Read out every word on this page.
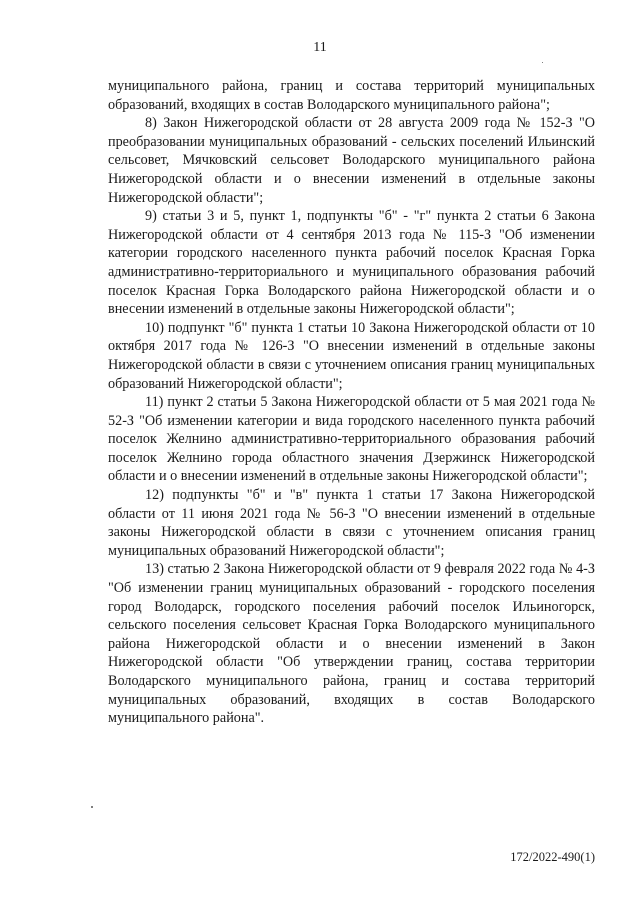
11

муниципального района, границ и состава территорий муниципальных образований, входящих в состав Володарского муниципального района";

8) Закон Нижегородской области от 28 августа 2009 года № 152-З "О преобразовании муниципальных образований - сельских поселений Ильинский сельсовет, Мячковский сельсовет Володарского муниципального района Нижегородской области и о внесении изменений в отдельные законы Нижегородской области";

9) статьи 3 и 5, пункт 1, подпункты "б" - "г" пункта 2 статьи 6 Закона Нижегородской области от 4 сентября 2013 года № 115-З "Об изменении категории городского населенного пункта рабочий поселок Красная Горка административно-территориального и муниципального образования рабочий поселок Красная Горка Володарского района Нижегородской области и о внесении изменений в отдельные законы Нижегородской области";

10) подпункт "б" пункта 1 статьи 10 Закона Нижегородской области от 10 октября 2017 года № 126-З "О внесении изменений в отдельные законы Нижегородской области в связи с уточнением описания границ муниципальных образований Нижегородской области";

11) пункт 2 статьи 5 Закона Нижегородской области от 5 мая 2021 года № 52-З "Об изменении категории и вида городского населенного пункта рабочий поселок Желнино административно-территориального образования рабочий поселок Желнино города областного значения Дзержинск Нижегородской области и о внесении изменений в отдельные законы Нижегородской области";

12) подпункты "б" и "в" пункта 1 статьи 17 Закона Нижегородской области от 11 июня 2021 года № 56-З "О внесении изменений в отдельные законы Нижегородской области в связи с уточнением описания границ муниципальных образований Нижегородской области";

13) статью 2 Закона Нижегородской области от 9 февраля 2022 года № 4-З "Об изменении границ муниципальных образований - городского поселения город Володарск, городского поселения рабочий поселок Ильиногорск, сельского поселения сельсовет Красная Горка Володарского муниципального района Нижегородской области и о внесении изменений в Закон Нижегородской области "Об утверждении границ, состава территории Володарского муниципального района, границ и состава территорий муниципальных образований, входящих в состав Володарского муниципального района".

172/2022-490(1)
